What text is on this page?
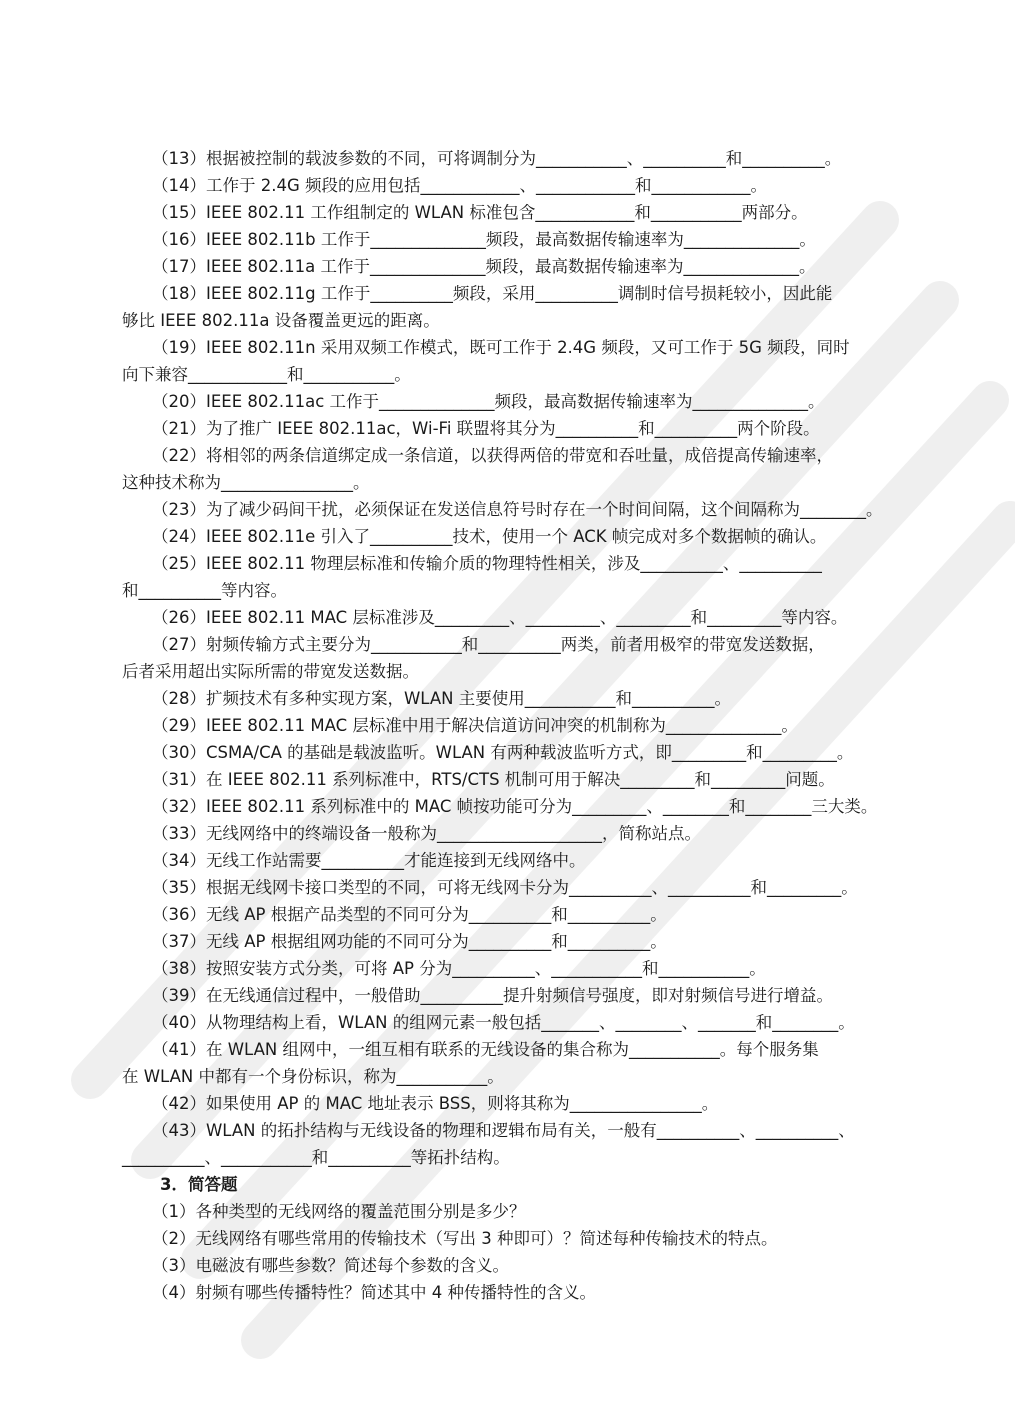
（13）根据被控制的载波参数的不同，可将调制分为___________、__________和__________。
（14）工作于 2.4G 频段的应用包括____________、____________和____________。
（15）IEEE 802.11 工作组制定的 WLAN 标准包含____________和___________两部分。
（16）IEEE 802.11b 工作于______________频段，最高数据传输速率为______________。
（17）IEEE 802.11a 工作于______________频段，最高数据传输速率为______________。
（18）IEEE 802.11g 工作于__________频段，采用__________调制时信号损耗较小，因此能
够比 IEEE 802.11a 设备覆盖更远的距离。
（19）IEEE 802.11n 采用双频工作模式，既可工作于 2.4G 频段，又可工作于 5G 频段，同时
向下兼容____________和___________。
（20）IEEE 802.11ac 工作于______________频段，最高数据传输速率为______________。
（21）为了推广 IEEE 802.11ac，Wi-Fi 联盟将其分为__________和__________两个阶段。
（22）将相邻的两条信道绑定成一条信道，以获得两倍的带宽和吞吐量，成倍提高传输速率，
这种技术称为________________。
（23）为了减少码间干扰，必须保证在发送信息符号时存在一个时间间隔，这个间隔称为________。
（24）IEEE 802.11e 引入了__________技术，使用一个 ACK 帧完成对多个数据帧的确认。
（25）IEEE 802.11 物理层标准和传输介质的物理特性相关，涉及__________、__________
和__________等内容。
（26）IEEE 802.11 MAC 层标准涉及_________、_________、_________和_________等内容。
（27）射频传输方式主要分为___________和__________两类，前者用极窄的带宽发送数据，
后者采用超出实际所需的带宽发送数据。
（28）扩频技术有多种实现方案，WLAN 主要使用___________和__________。
（29）IEEE 802.11 MAC 层标准中用于解决信道访问冲突的机制称为______________。
（30）CSMA/CA 的基础是载波监听。WLAN 有两种载波监听方式，即_________和_________。
（31）在 IEEE 802.11 系列标准中，RTS/CTS 机制可用于解决_________和_________问题。
（32）IEEE 802.11 系列标准中的 MAC 帧按功能可分为_________、________和________三大类。
（33）无线网络中的终端设备一般称为____________________，简称站点。
（34）无线工作站需要__________才能连接到无线网络中。
（35）根据无线网卡接口类型的不同，可将无线网卡分为__________、__________和_________。
（36）无线 AP 根据产品类型的不同可分为__________和__________。
（37）无线 AP 根据组网功能的不同可分为__________和__________。
（38）按照安装方式分类，可将 AP 分为__________、___________和___________。
（39）在无线通信过程中，一般借助__________提升射频信号强度，即对射频信号进行增益。
（40）从物理结构上看，WLAN 的组网元素一般包括_______、________、_______和________。
（41）在 WLAN 组网中，一组互相有联系的无线设备的集合称为___________。每个服务集
在 WLAN 中都有一个身份标识，称为___________。
（42）如果使用 AP 的 MAC 地址表示 BSS，则将其称为________________。
（43）WLAN 的拓扑结构与无线设备的物理和逻辑布局有关，一般有__________、__________、
__________、___________和__________等拓扑结构。
3．简答题
（1）各种类型的无线网络的覆盖范围分别是多少？
（2）无线网络有哪些常用的传输技术（写出 3 种即可）？简述每种传输技术的特点。
（3）电磁波有哪些参数？简述每个参数的含义。
（4）射频有哪些传播特性？简述其中 4 种传播特性的含义。
